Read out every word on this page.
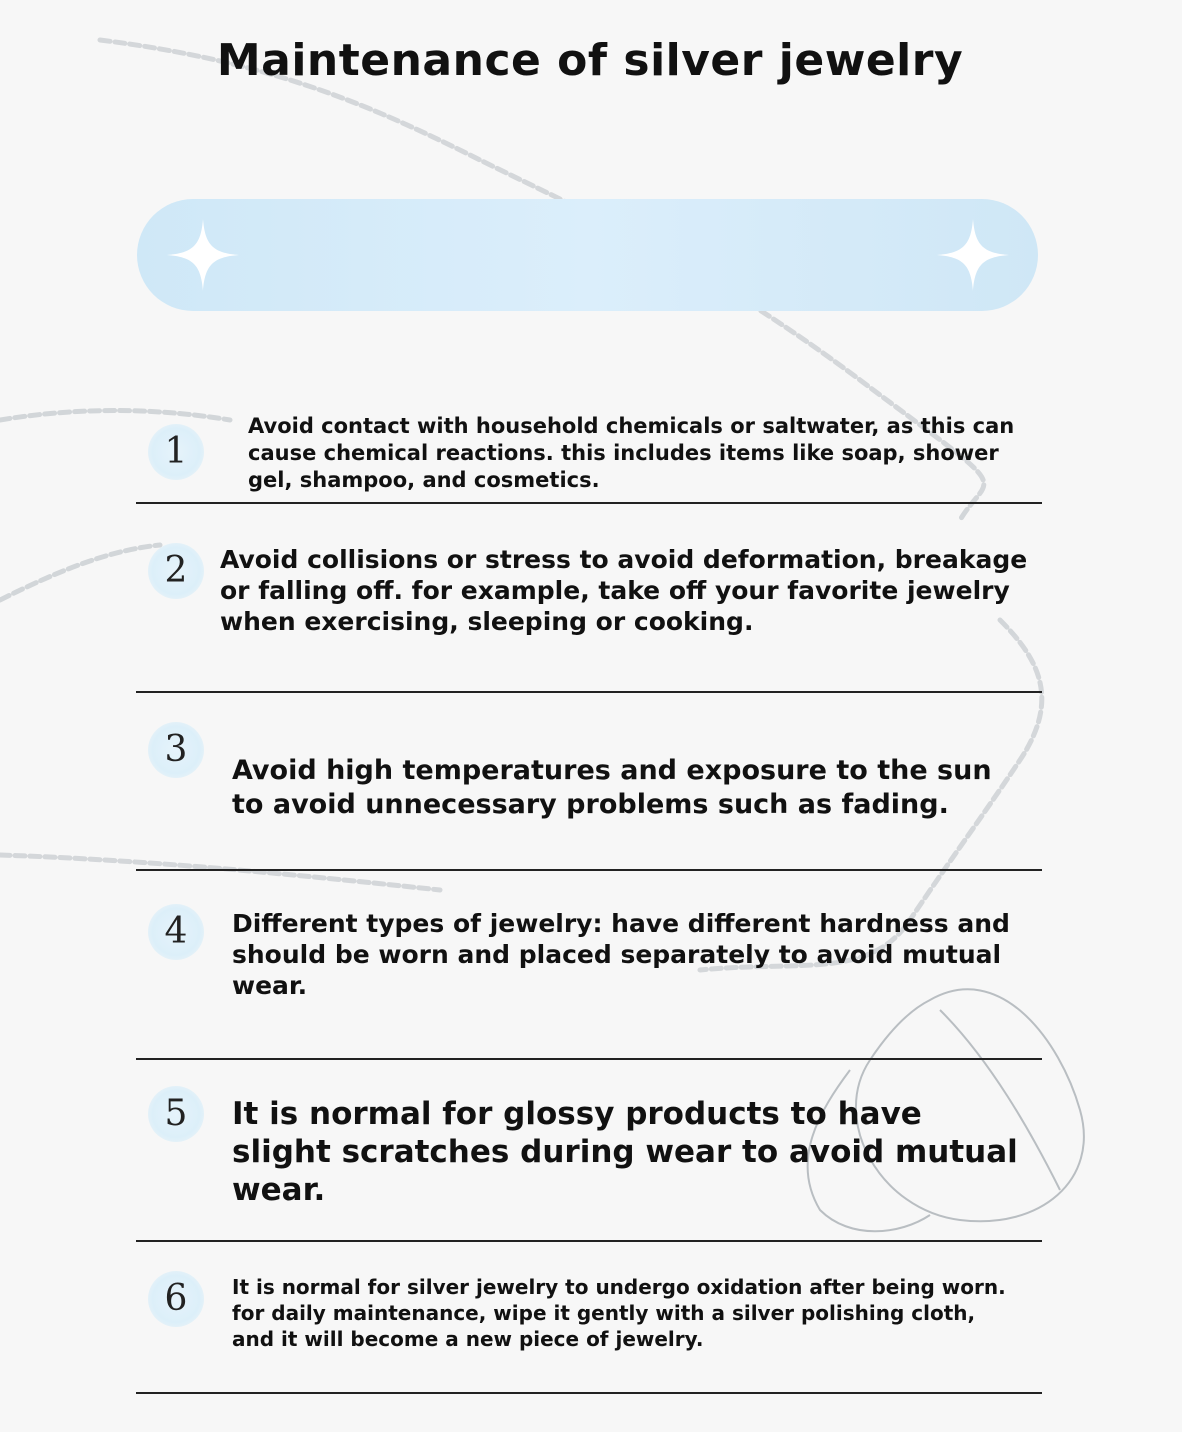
Maintenance of silver jewelry
1
Avoid contact with household chemicals or saltwater, as this can cause chemical reactions. this includes items like soap, shower gel, shampoo, and cosmetics.
2	Avoid collisions or stress to avoid deformation, breakage or falling off. for example, take off your favorite jewelry when exercising, sleeping or cooking.
3
Avoid high temperatures and exposure to the sun to avoid unnecessary problems such as fading.
4	Different types of jewelry: have different hardness and should be worn and placed separately to avoid mutual wear.
5	It is normal for glossy products to have slight scratches during wear to avoid mutual wear.
6	It is normal for silver jewelry to undergo oxidation after being worn. for daily maintenance, wipe it gently with a silver polishing cloth, and it will become a new piece of jewelry.
